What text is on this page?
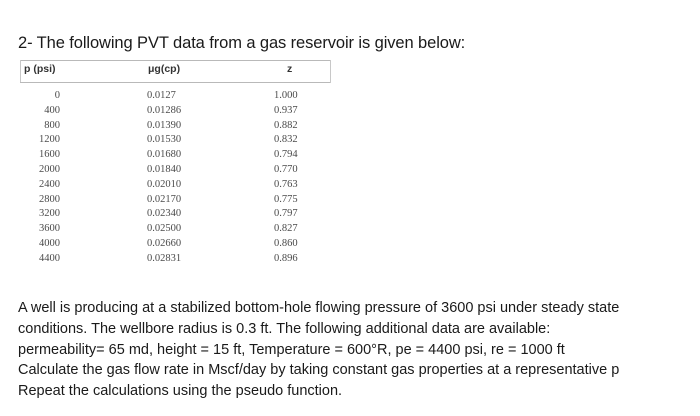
2- The following PVT data from a gas reservoir is given below:
p (psi)	μg(cp)	z
0	0.0127	1.000
400	0.01286	0.937
800	0.01390	0.882
1200	0.01530	0.832
1600	0.01680	0.794
2000	0.01840	0.770
2400	0.02010	0.763
2800	0.02170	0.775
3200	0.02340	0.797
3600	0.02500	0.827
4000	0.02660	0.860
4400	0.02831	0.896
A well is producing at a stabilized bottom-hole flowing pressure of 3600 psi under steady state
conditions. The wellbore radius is 0.3 ft. The following additional data are available:
permeability= 65 md, height = 15 ft, Temperature = 600°R, pe = 4400 psi, re = 1000 ft
Calculate the gas flow rate in Mscf/day by taking constant gas properties at a representative p
Repeat the calculations using the pseudo function.
